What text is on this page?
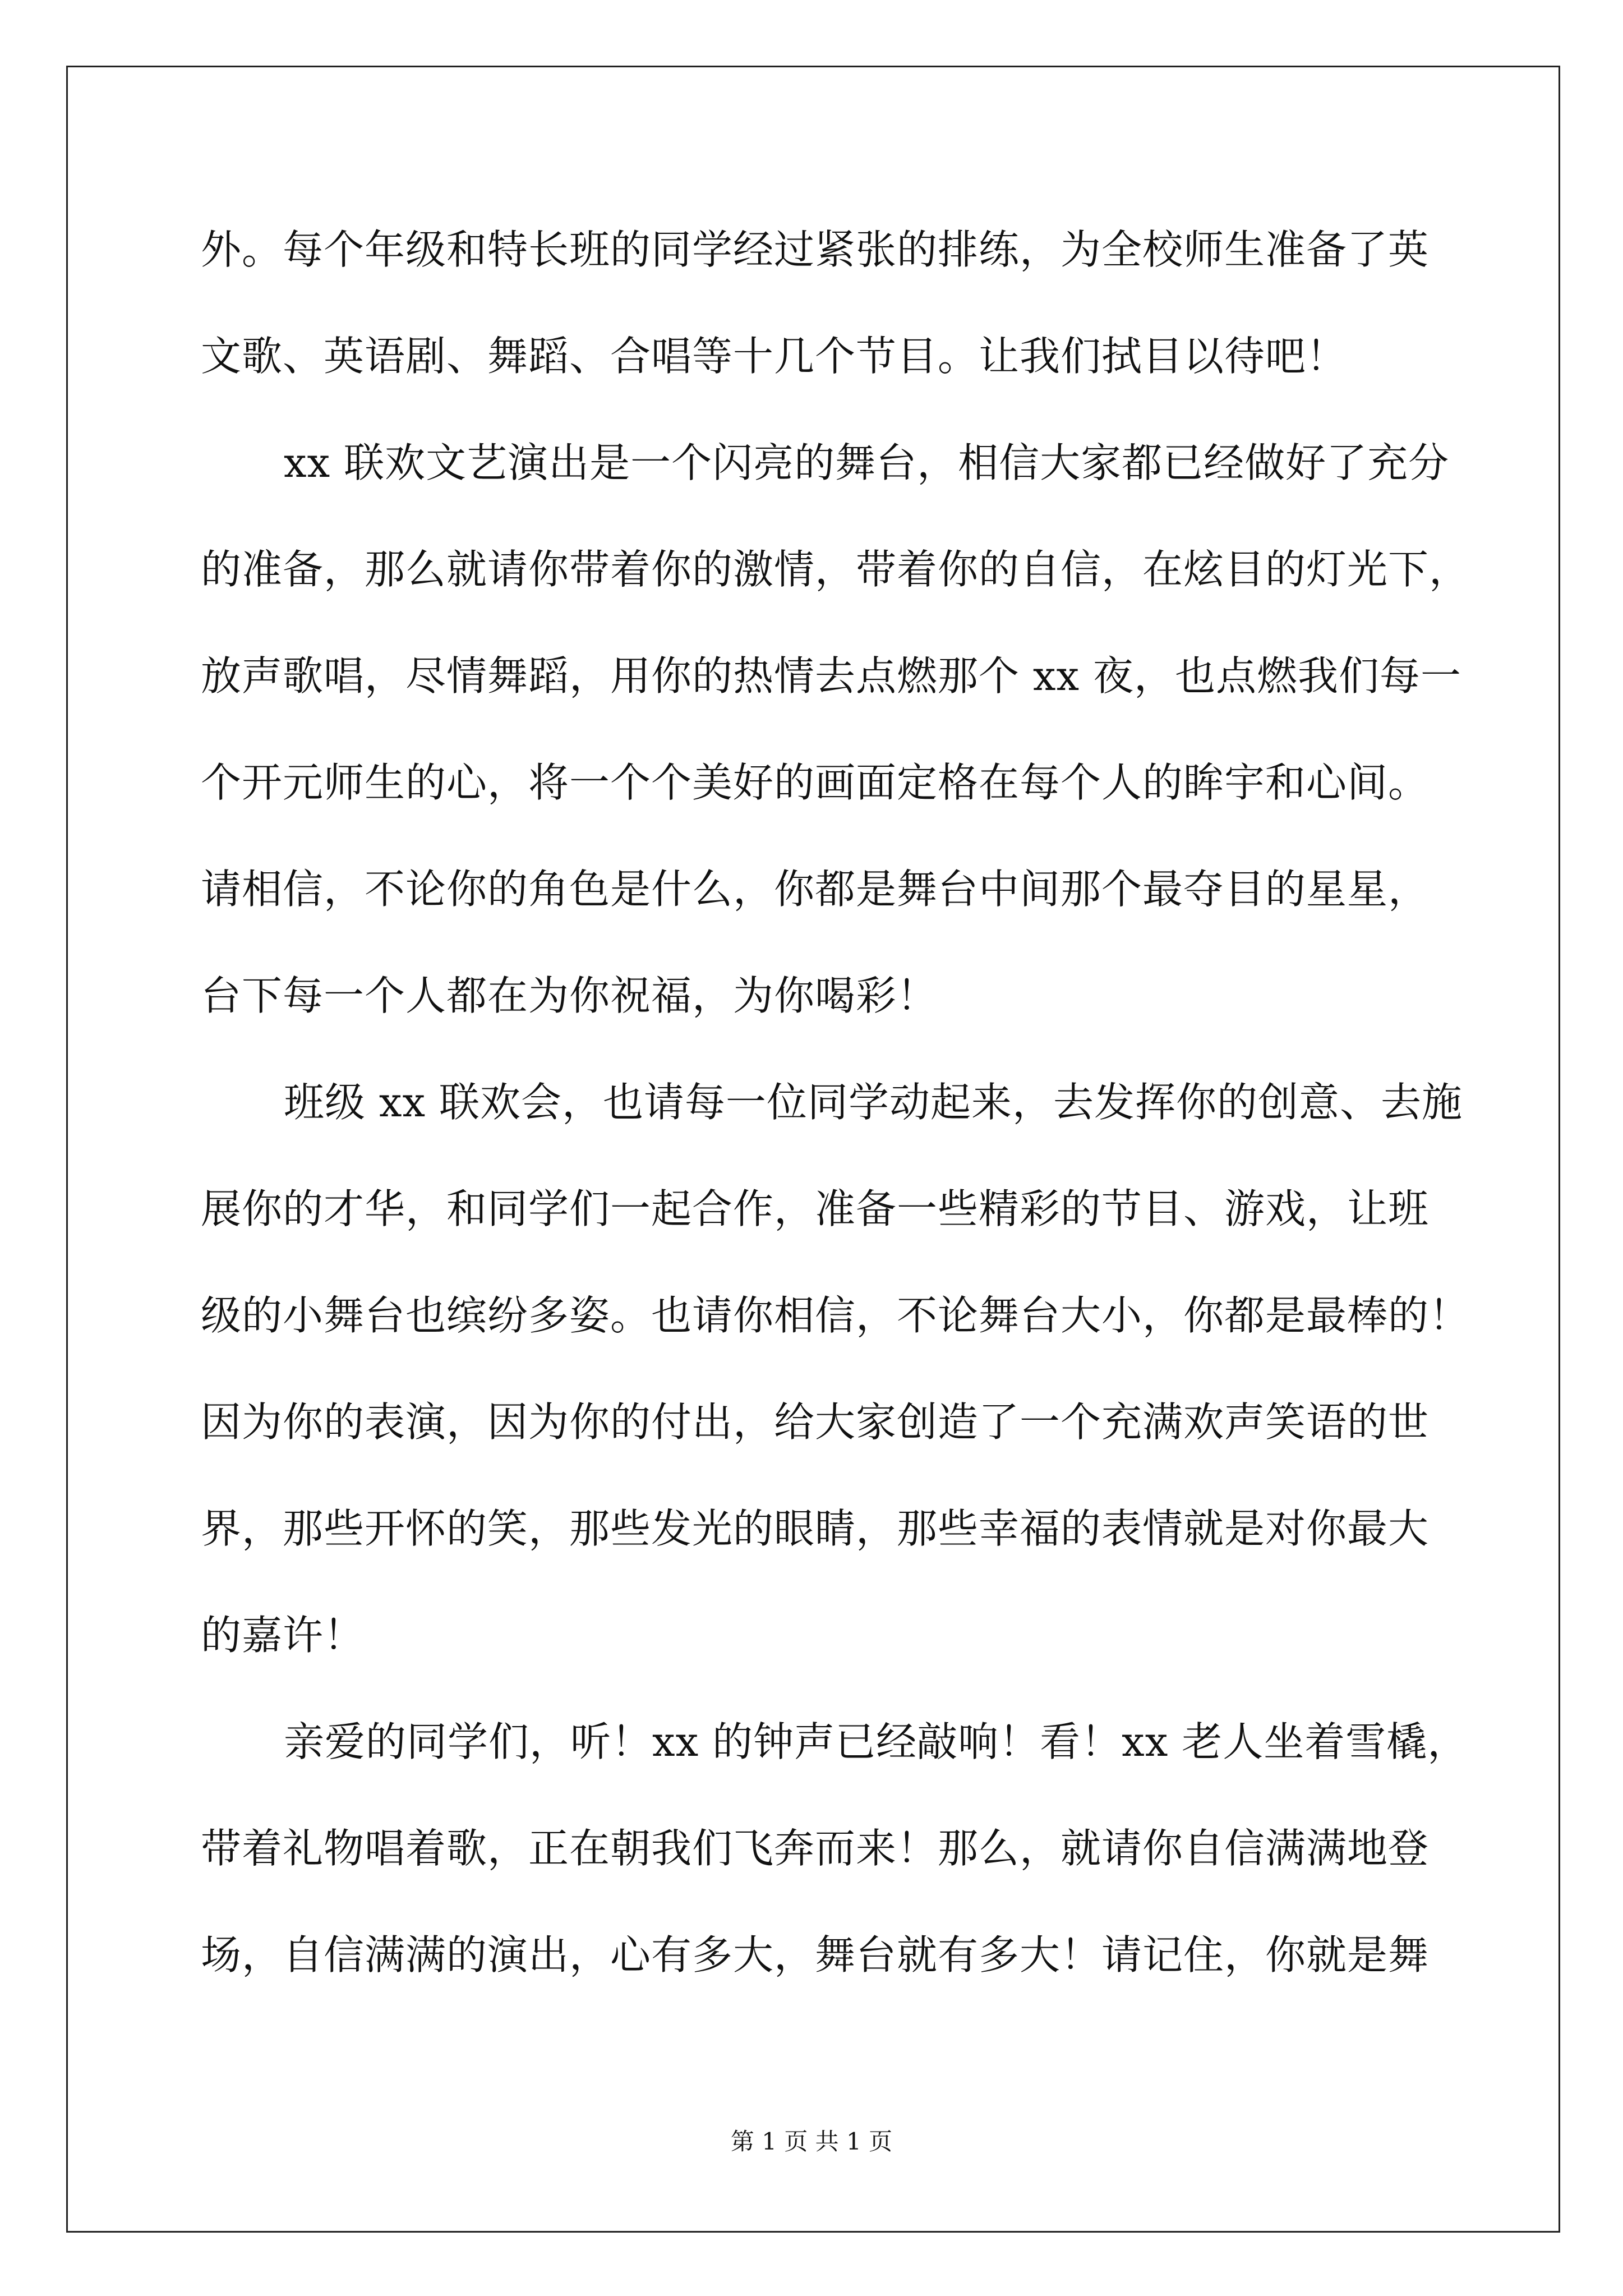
外。每个年级和特长班的同学经过紧张的排练，为全校师生准备了英
文歌、英语剧、舞蹈、合唱等十几个节目。让我们拭目以待吧！
xx 联欢文艺演出是一个闪亮的舞台，相信大家都已经做好了充分
的准备，那么就请你带着你的激情，带着你的自信，在炫目的灯光下，
放声歌唱，尽情舞蹈，用你的热情去点燃那个 xx 夜，也点燃我们每一
个开元师生的心，将一个个美好的画面定格在每个人的眸宇和心间。
请相信，不论你的角色是什么，你都是舞台中间那个最夺目的星星，
台下每一个人都在为你祝福，为你喝彩！
班级 xx 联欢会，也请每一位同学动起来，去发挥你的创意、去施
展你的才华，和同学们一起合作，准备一些精彩的节目、游戏，让班
级的小舞台也缤纷多姿。也请你相信，不论舞台大小，你都是最棒的！
因为你的表演，因为你的付出，给大家创造了一个充满欢声笑语的世
界，那些开怀的笑，那些发光的眼睛，那些幸福的表情就是对你最大
的嘉许！
亲爱的同学们，听！xx 的钟声已经敲响！看！xx 老人坐着雪橇，
带着礼物唱着歌，正在朝我们飞奔而来！那么，就请你自信满满地登
场，自信满满的演出，心有多大，舞台就有多大！请记住，你就是舞
第 1 页 共 1 页
